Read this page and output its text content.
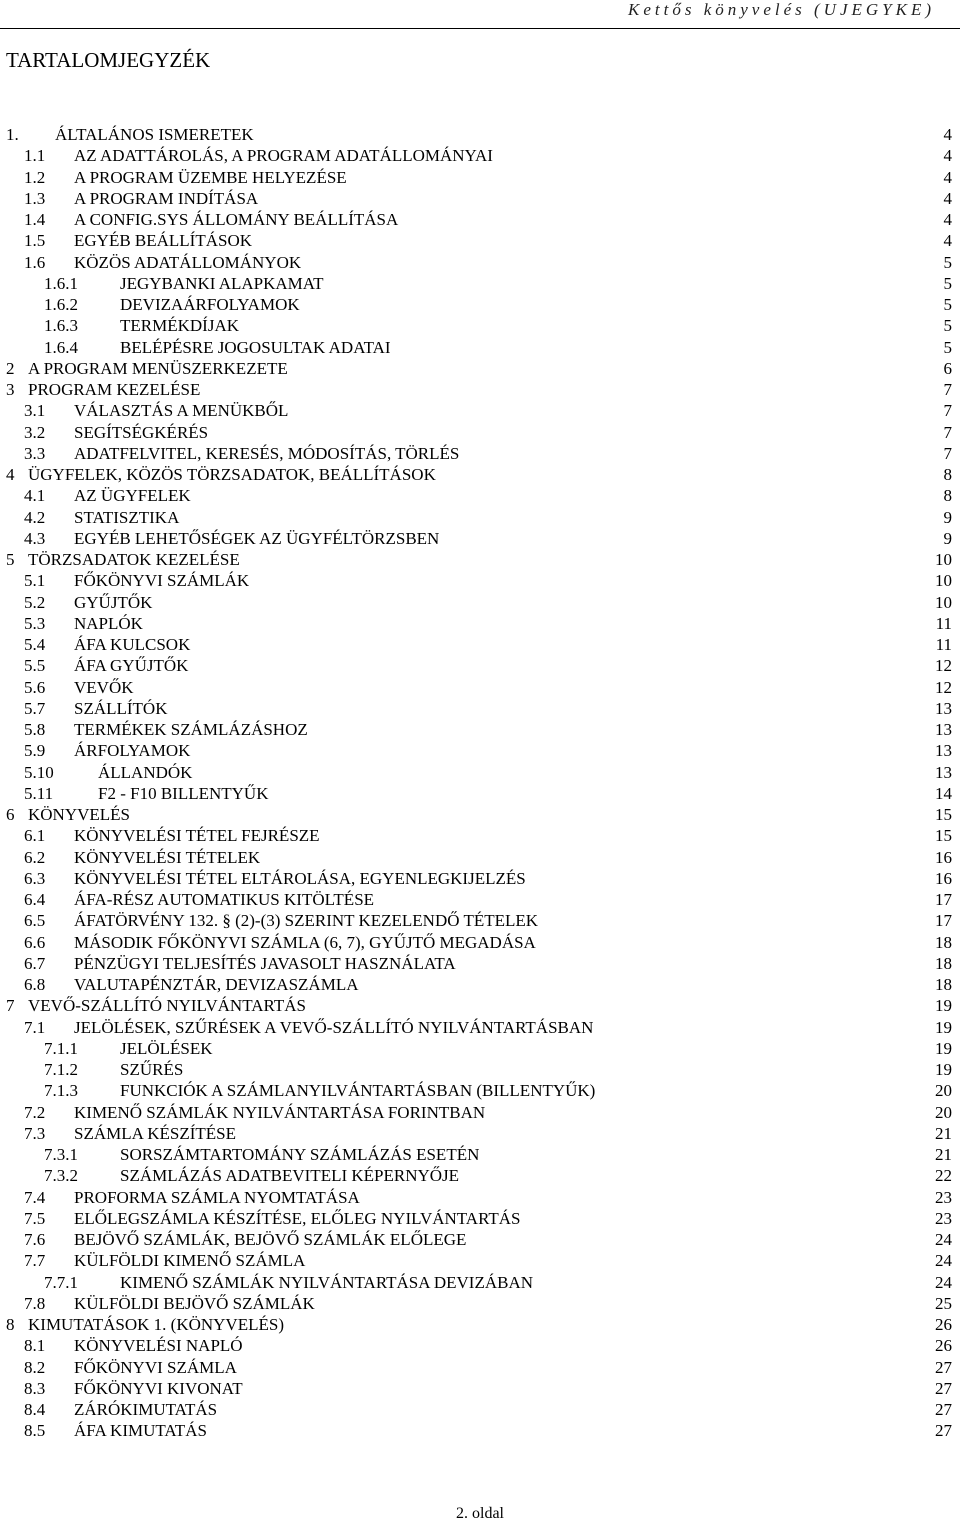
Kettős könyvelés (UJEGYKE)
TARTALOMJEGYZÉK
1. ÁLTALÁNOS ISMERETEK	4
1.1 AZ ADATTÁROLÁS, A PROGRAM ADATÁLLOMÁNYAI	4
1.2 A PROGRAM ÜZEMBE HELYEZÉSE	4
1.3 A PROGRAM INDÍTÁSA	4
1.4 A CONFIG.SYS ÁLLOMÁNY BEÁLLÍTÁSA	4
1.5 EGYÉB BEÁLLÍTÁSOK	4
1.6 KÖZÖS ADATÁLLOMÁNYOK	5
1.6.1 JEGYBANKI ALAPKAMAT	5
1.6.2 DEVIZAÁRFOLYAMOK	5
1.6.3 TERMÉKDÍJAK	5
1.6.4 BELÉPÉSRE JOGOSULTAK ADATAI	5
2 A PROGRAM MENÜSZERKEZETE	6
3 PROGRAM KEZELÉSE	7
3.1 VÁLASZTÁS A MENÜKBŐL	7
3.2 SEGÍTSÉGKÉRÉS	7
3.3 ADATFELVITEL, KERESÉS, MÓDOSÍTÁS, TÖRLÉS	7
4 ÜGYFELEK, KÖZÖS TÖRZSADATOK, BEÁLLÍTÁSOK	8
4.1 AZ ÜGYFELEK	8
4.2 STATISZTIKA	9
4.3 EGYÉB LEHETŐSÉGEK AZ ÜGYFÉLTÖRZSBEN	9
5 TÖRZSADATOK KEZELÉSE	10
5.1 FŐKÖNYVI SZÁMLÁK	10
5.2 GYŰJTŐK	10
5.3 NAPLÓK	11
5.4 ÁFA KULCSOK	11
5.5 ÁFA GYŰJTŐK	12
5.6 VEVŐK	12
5.7 SZÁLLÍTÓK	13
5.8 TERMÉKEK SZÁMLÁZÁSHOZ	13
5.9 ÁRFOLYAMOK	13
5.10	ÁLLANDÓK	13
5.11	F2 - F10 BILLENTYŰK	14
6 KÖNYVELÉS	15
6.1 KÖNYVELÉSI TÉTEL FEJRÉSZE	15
6.2 KÖNYVELÉSI TÉTELEK	16
6.3 KÖNYVELÉSI TÉTEL ELTÁROLÁSA, EGYENLEGKIJELZÉS	16
6.4 ÁFA-RÉSZ AUTOMATIKUS KITÖLTÉSE	17
6.5 ÁFATÖRVÉNY 132. § (2)-(3) SZERINT KEZELENDŐ TÉTELEK	17
6.6 MÁSODIK FŐKÖNYVI SZÁMLA (6, 7), GYŰJTŐ MEGADÁSA	18
6.7 PÉNZÜGYI TELJESÍTÉS JAVASOLT HASZNÁLATA	18
6.8 VALUTAPÉNZTÁR, DEVIZASZÁMLA	18
7 VEVŐ-SZÁLLÍTÓ NYILVÁNTARTÁS	19
7.1 JELÖLÉSEK, SZŰRÉSEK A VEVŐ-SZÁLLÍTÓ NYILVÁNTARTÁSBAN	19
7.1.1 JELÖLÉSEK	19
7.1.2 SZŰRÉS	19
7.1.3 FUNKCIÓK A SZÁMLANYILVÁNTARTÁSBAN (BILLENTYŰK)	20
7.2 KIMENŐ SZÁMLÁK NYILVÁNTARTÁSA FORINTBAN	20
7.3 SZÁMLA KÉSZÍTÉSE	21
7.3.1 SORSZÁMTARTOMÁNY SZÁMLÁZÁS ESETÉN	21
7.3.2 SZÁMLÁZÁS ADATBEVITELI KÉPERNYŐJE	22
7.4 PROFORMA SZÁMLA NYOMTATÁSA	23
7.5 ELŐLEGSZÁMLA KÉSZÍTÉSE, ELŐLEG NYILVÁNTARTÁS	23
7.6 BEJÖVŐ SZÁMLÁK, BEJÖVŐ SZÁMLÁK ELŐLEGE	24
7.7 KÜLFÖLDI KIMENŐ SZÁMLA	24
7.7.1 KIMENŐ SZÁMLÁK NYILVÁNTARTÁSA DEVIZÁBAN	24
7.8 KÜLFÖLDI BEJÖVŐ SZÁMLÁK	25
8 KIMUTATÁSOK 1. (KÖNYVELÉS)	26
8.1 KÖNYVELÉSI NAPLÓ	26
8.2 FŐKÖNYVI SZÁMLA	27
8.3 FŐKÖNYVI KIVONAT	27
8.4 ZÁRÓKIMUTATÁS	27
8.5 ÁFA KIMUTATÁS	27
2. oldal
